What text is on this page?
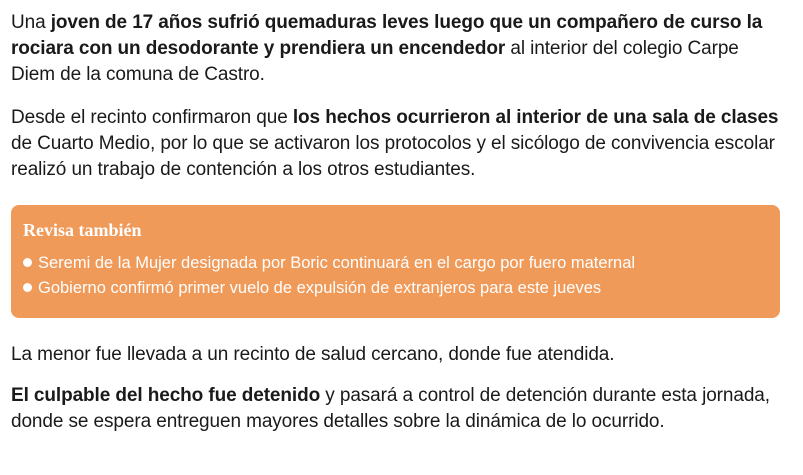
Una joven de 17 años sufrió quemaduras leves luego que un compañero de curso la rociara con un desodorante y prendiera un encendedor al interior del colegio Carpe Diem de la comuna de Castro.

Desde el recinto confirmaron que los hechos ocurrieron al interior de una sala de clases de Cuarto Medio, por lo que se activaron los protocolos y el sicólogo de convivencia escolar realizó un trabajo de contención a los otros estudiantes.

Revisa también
Seremi de la Mujer designada por Boric continuará en el cargo por fuero maternal
Gobierno confirmó primer vuelo de expulsión de extranjeros para este jueves

La menor fue llevada a un recinto de salud cercano, donde fue atendida.

El culpable del hecho fue detenido y pasará a control de detención durante esta jornada, donde se espera entreguen mayores detalles sobre la dinámica de lo ocurrido.
